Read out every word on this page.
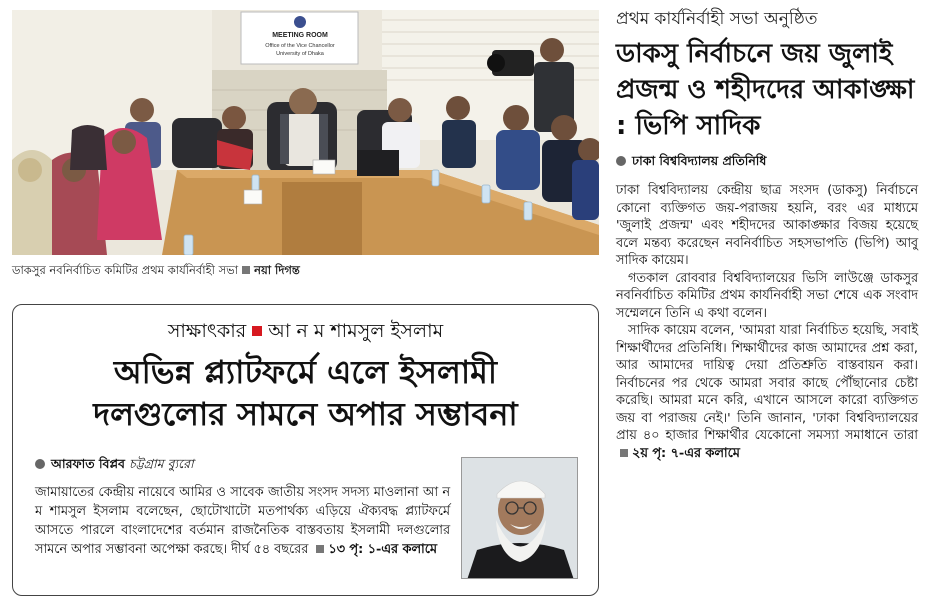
MEETING ROOM
Office of the Vice Chancellor
University of Dhaka
ডাকসুর নবনির্বাচিত কমিটির প্রথম কার্যনির্বাহী সভা নয়া দিগন্ত
প্রথম কার্যনির্বাহী সভা অনুষ্ঠিত
ডাকসু নির্বাচনে জয় জুলাই প্রজন্ম ও শহীদদের আকাঙ্ক্ষা : ভিপি সাদিক
ঢাকা বিশ্ববিদ্যালয় প্রতিনিধি

ঢাকা বিশ্ববিদ্যালয় কেন্দ্রীয় ছাত্র সংসদ (ডাকসু) নির্বাচনে কোনো ব্যক্তিগত জয়-পরাজয় হয়নি, বরং এর মাধ্যমে 'জুলাই প্রজন্ম' এবং শহীদদের আকাঙ্ক্ষার বিজয় হয়েছে বলে মন্তব্য করেছেন নবনির্বাচিত সহসভাপতি (ভিপি) আবু সাদিক কায়েম।

গতকাল রোববার বিশ্ববিদ্যালয়ের ভিসি লাউঞ্জে ডাকসুর নবনির্বাচিত কমিটির প্রথম কার্যনির্বাহী সভা শেষে এক সংবাদ সম্মেলনে তিনি এ কথা বলেন।

সাদিক কায়েম বলেন, 'আমরা যারা নির্বাচিত হয়েছি, সবাই শিক্ষার্থীদের প্রতিনিধি। শিক্ষার্থীদের কাজ আমাদের প্রশ্ন করা, আর আমাদের দায়িত্ব দেয়া প্রতিশ্রুতি বাস্তবায়ন করা। নির্বাচনের পর থেকে আমরা সবার কাছে পৌঁছানোর চেষ্টা করেছি। আমরা মনে করি, এখানে আসলে কারো ব্যক্তিগত জয় বা পরাজয় নেই।' তিনি জানান, 'ঢাকা বিশ্ববিদ্যালয়ের প্রায় ৪০ হাজার শিক্ষার্থীর যেকোনো সমস্যা সমাধানে তারা ২য় পৃ: ৭-এর কলামে

সাক্ষাৎকার আ ন ম শামসুল ইসলাম
অভিন্ন প্ল্যাটফর্মে এলে ইসলামী
দলগুলোর সামনে অপার সম্ভাবনা
আরফাত বিপ্লব চট্টগ্রাম ব্যুরো
জামায়াতের কেন্দ্রীয় নায়েবে আমির ও সাবেক জাতীয় সংসদ সদস্য মাওলানা আ ন ম শামসুল ইসলাম বলেছেন, ছোটোখাটো মতপার্থক্য এড়িয়ে ঐক্যবদ্ধ প্ল্যাটফর্মে আসতে পারলে বাংলাদেশের বর্তমান রাজনৈতিক বাস্তবতায় ইসলামী দলগুলোর সামনে অপার সম্ভাবনা অপেক্ষা করছে। দীর্ঘ ৫৪ বছরের ১৩ পৃ: ১-এর কলামে
